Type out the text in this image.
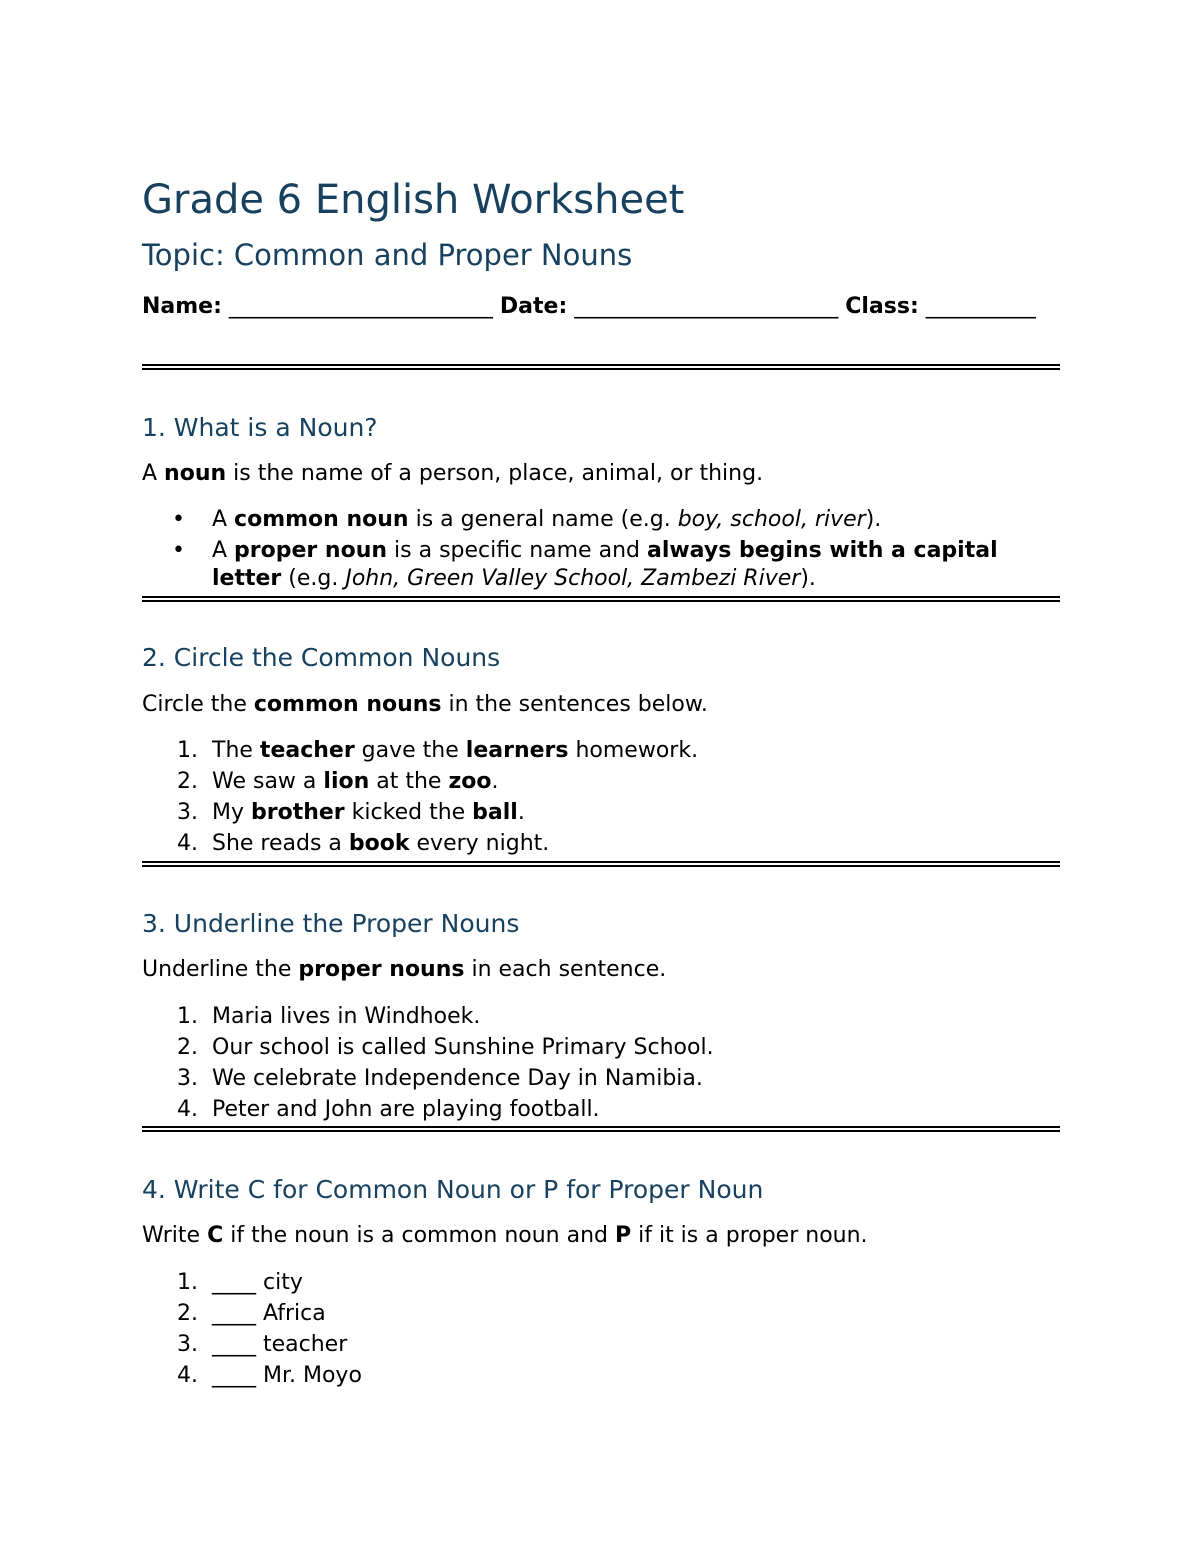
Grade 6 English Worksheet
Topic: Common and Proper Nouns
Name: ________________________ Date: ________________________ Class: __________
1. What is a Noun?
A noun is the name of a person, place, animal, or thing.
• A common noun is a general name (e.g. boy, school, river).
• A proper noun is a specific name and always begins with a capital letter (e.g. John, Green Valley School, Zambezi River).
2. Circle the Common Nouns
Circle the common nouns in the sentences below.
1. The teacher gave the learners homework.
2. We saw a lion at the zoo.
3. My brother kicked the ball.
4. She reads a book every night.
3. Underline the Proper Nouns
Underline the proper nouns in each sentence.
1. Maria lives in Windhoek.
2. Our school is called Sunshine Primary School.
3. We celebrate Independence Day in Namibia.
4. Peter and John are playing football.
4. Write C for Common Noun or P for Proper Noun
Write C if the noun is a common noun and P if it is a proper noun.
1. ____ city
2. ____ Africa
3. ____ teacher
4. ____ Mr. Moyo
